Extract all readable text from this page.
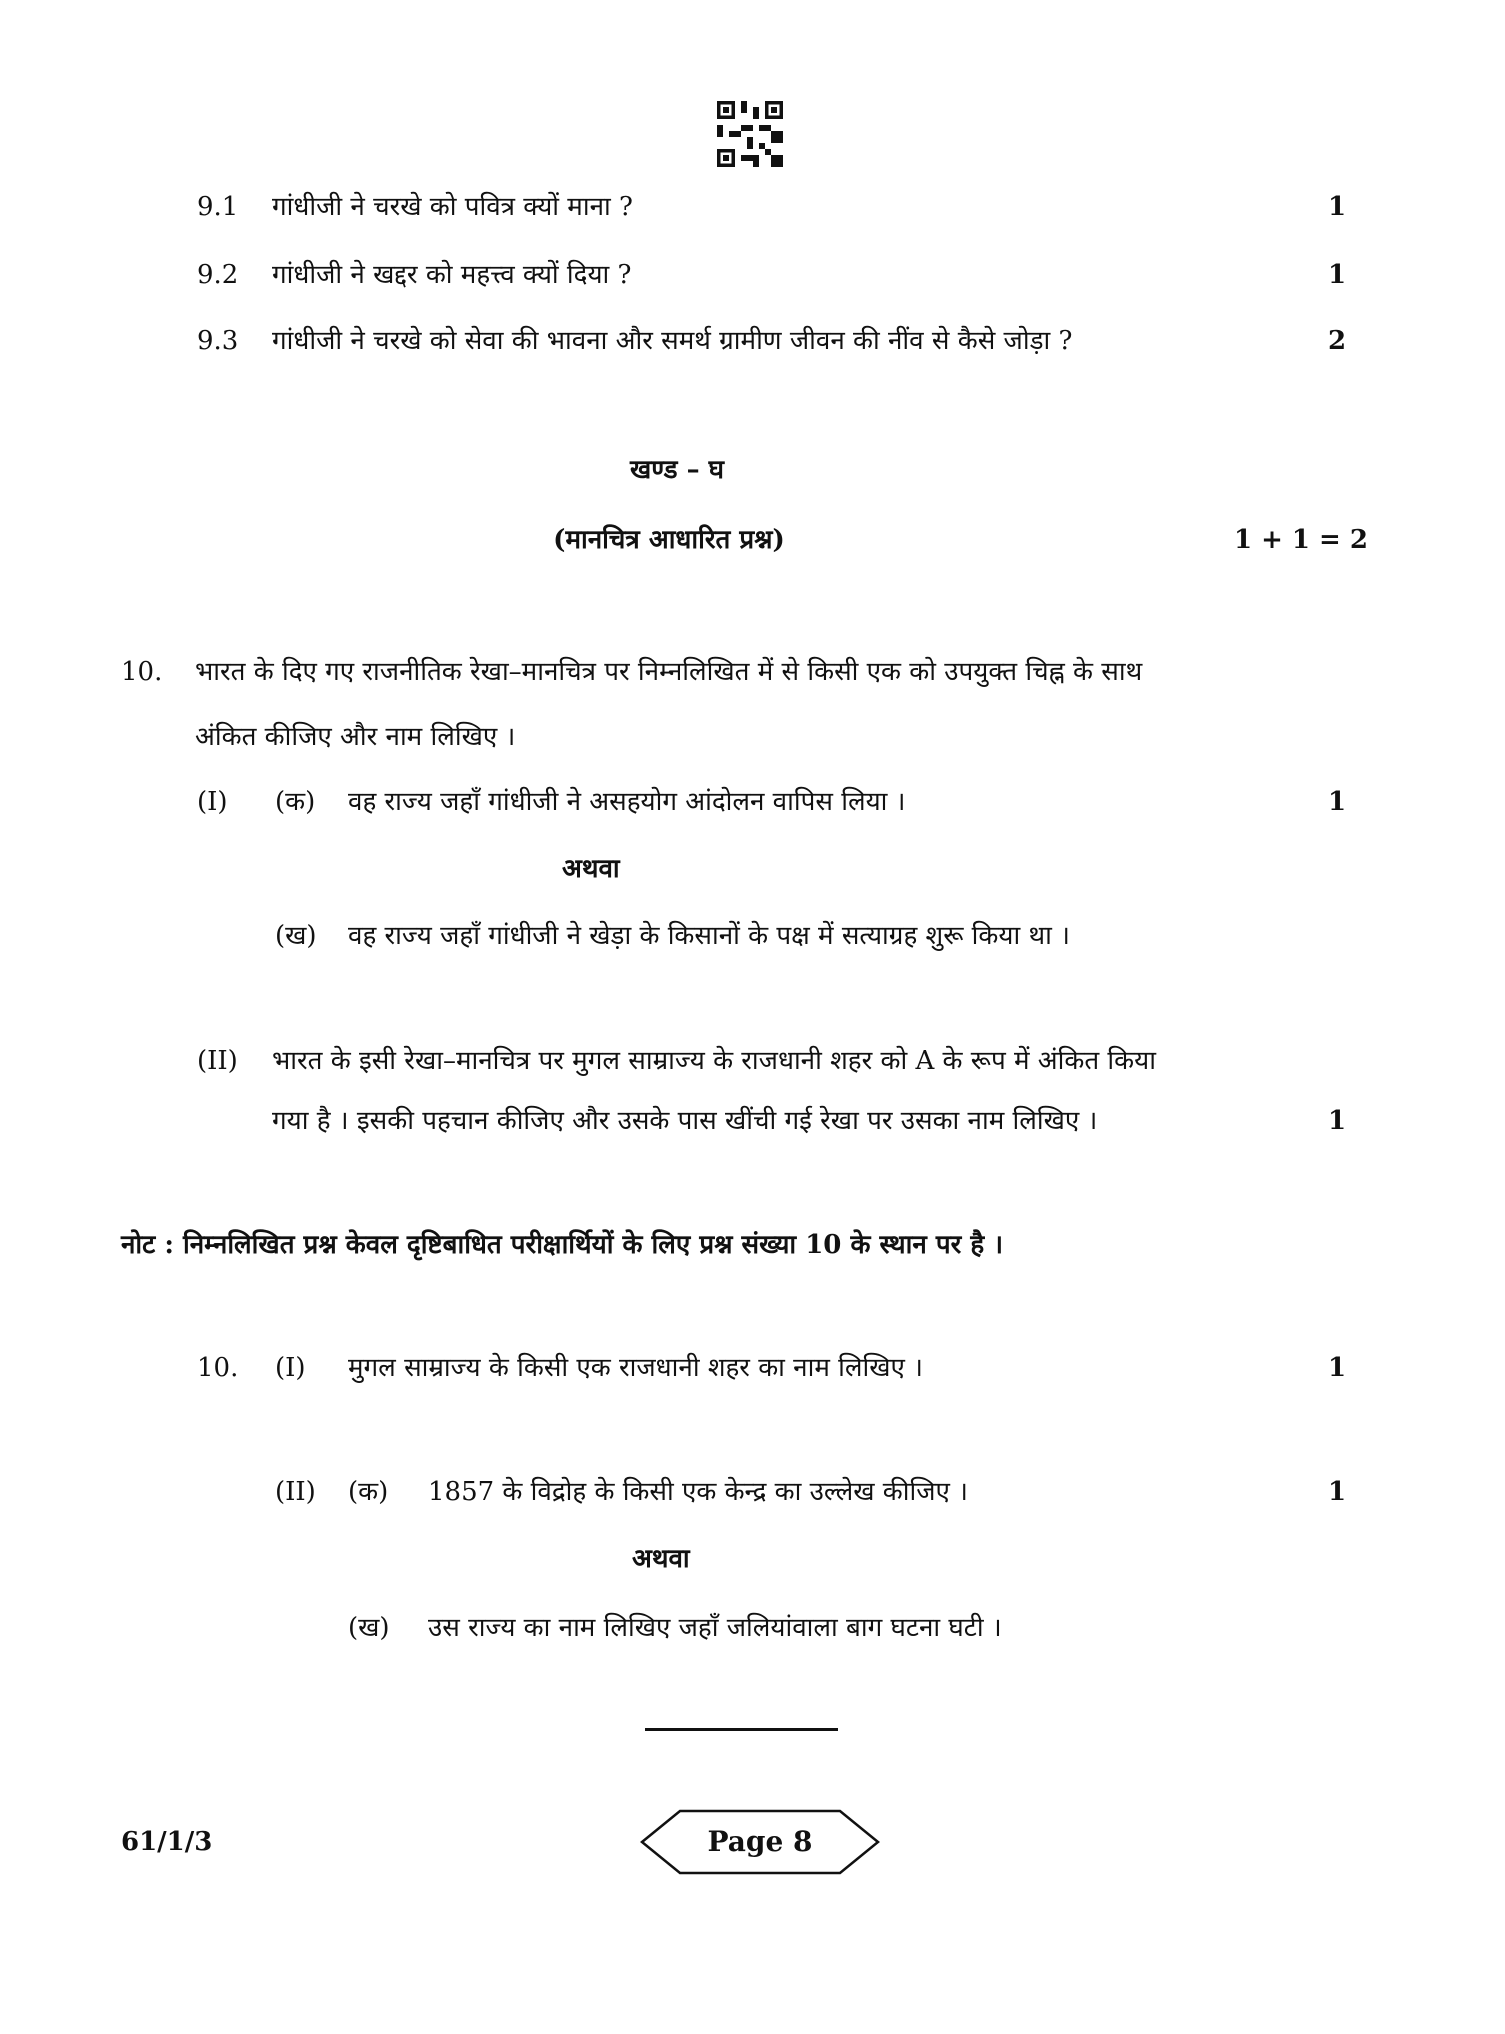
9.1 गांधीजी ने चरखे को पवित्र क्यों माना ?	1
9.2 गांधीजी ने खद्दर को महत्त्व क्यों दिया ?	1
9.3 गांधीजी ने चरखे को सेवा की भावना और समर्थ ग्रामीण जीवन की नींव से कैसे जोड़ा ?	2
खण्ड – घ
(मानचित्र आधारित प्रश्न)	1 + 1 = 2
10. भारत के दिए गए राजनीतिक रेखा–मानचित्र पर निम्नलिखित में से किसी एक को उपयुक्त चिह्न के साथ
अंकित कीजिए और नाम लिखिए ।
(I) (क) वह राज्य जहाँ गांधीजी ने असहयोग आंदोलन वापिस लिया ।	1
अथवा
(ख) वह राज्य जहाँ गांधीजी ने खेड़ा के किसानों के पक्ष में सत्याग्रह शुरू किया था ।
(II) भारत के इसी रेखा–मानचित्र पर मुगल साम्राज्य के राजधानी शहर को A के रूप में अंकित किया
गया है । इसकी पहचान कीजिए और उसके पास खींची गई रेखा पर उसका नाम लिखिए ।	1
नोट : निम्नलिखित प्रश्न केवल दृष्टिबाधित परीक्षार्थियों के लिए प्रश्न संख्या 10 के स्थान पर है ।
10. (I) मुगल साम्राज्य के किसी एक राजधानी शहर का नाम लिखिए ।	1
(II) (क) 1857 के विद्रोह के किसी एक केन्द्र का उल्लेख कीजिए ।	1
अथवा
(ख) उस राज्य का नाम लिखिए जहाँ जलियांवाला बाग घटना घटी ।
61/1/3	Page 8
